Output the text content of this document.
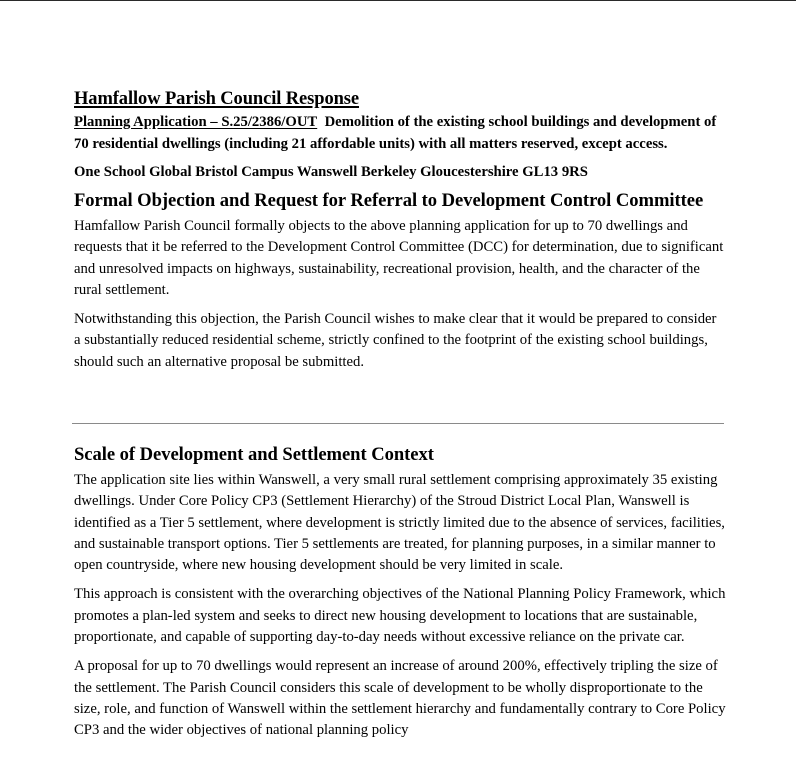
Hamfallow Parish Council Response

Planning Application – S.25/2386/OUT Demolition of the existing school buildings and development of 70 residential dwellings (including 21 affordable units) with all matters reserved, except access.

One School Global Bristol Campus Wanswell Berkeley Gloucestershire GL13 9RS

Formal Objection and Request for Referral to Development Control Committee

Hamfallow Parish Council formally objects to the above planning application for up to 70 dwellings and requests that it be referred to the Development Control Committee (DCC) for determination, due to significant and unresolved impacts on highways, sustainability, recreational provision, health, and the character of the rural settlement.

Notwithstanding this objection, the Parish Council wishes to make clear that it would be prepared to consider a substantially reduced residential scheme, strictly confined to the footprint of the existing school buildings, should such an alternative proposal be submitted.

Scale of Development and Settlement Context

The application site lies within Wanswell, a very small rural settlement comprising approximately 35 existing dwellings. Under Core Policy CP3 (Settlement Hierarchy) of the Stroud District Local Plan, Wanswell is identified as a Tier 5 settlement, where development is strictly limited due to the absence of services, facilities, and sustainable transport options. Tier 5 settlements are treated, for planning purposes, in a similar manner to open countryside, where new housing development should be very limited in scale.

This approach is consistent with the overarching objectives of the National Planning Policy Framework, which promotes a plan-led system and seeks to direct new housing development to locations that are sustainable, proportionate, and capable of supporting day-to-day needs without excessive reliance on the private car.

A proposal for up to 70 dwellings would represent an increase of around 200%, effectively tripling the size of the settlement. The Parish Council considers this scale of development to be wholly disproportionate to the size, role, and function of Wanswell within the settlement hierarchy and fundamentally contrary to Core Policy CP3 and the wider objectives of national planning policy
